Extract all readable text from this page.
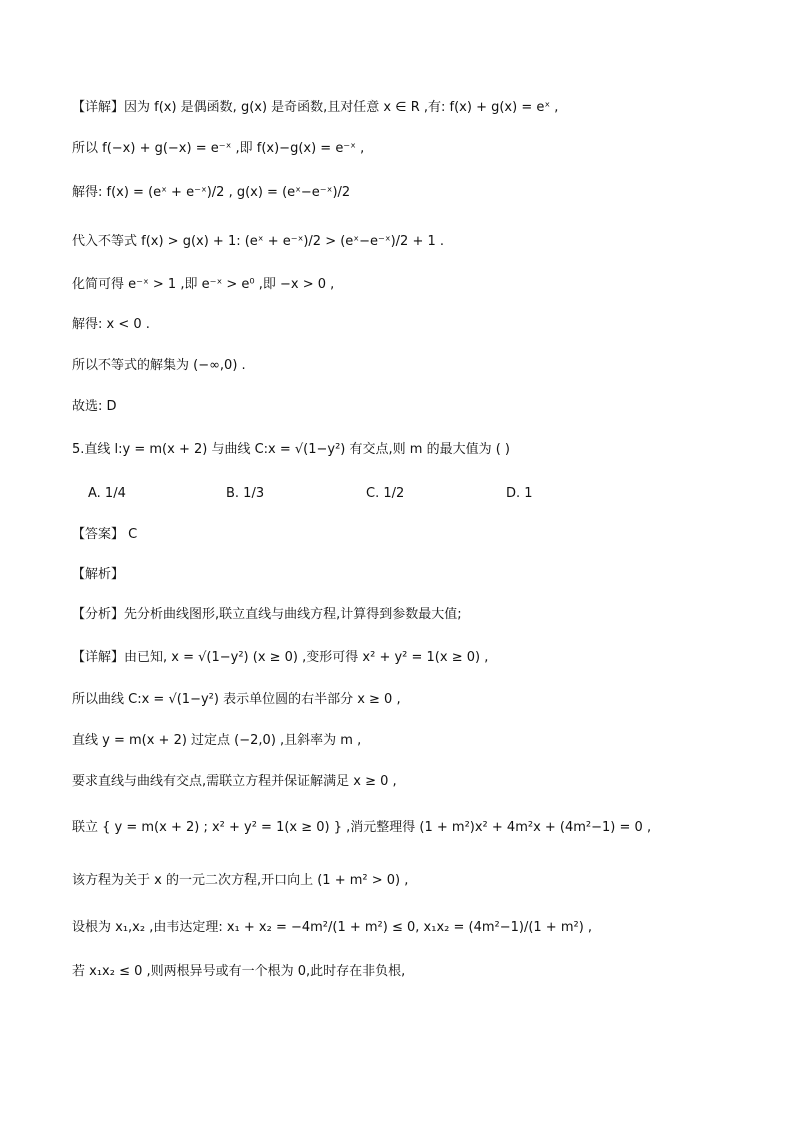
【详解】因为 f(x) 是偶函数, g(x) 是奇函数,且对任意 x ∈ R ,有: f(x) + g(x) = eˣ ,
所以 f(−x) + g(−x) = e⁻ˣ ,即 f(x)−g(x) = e⁻ˣ ,
解得: f(x) = (eˣ + e⁻ˣ)/2 , g(x) = (eˣ−e⁻ˣ)/2
代入不等式 f(x) > g(x) + 1: (eˣ + e⁻ˣ)/2 > (eˣ−e⁻ˣ)/2 + 1 .
化简可得 e⁻ˣ > 1 ,即 e⁻ˣ > e⁰ ,即 −x > 0 ,
解得: x < 0 .
所以不等式的解集为 (−∞,0) .
故选: D
5.直线 l:y = m(x + 2) 与曲线 C:x = √(1−y²) 有交点,则 m 的最大值为 ( )
A. 1/4	B. 1/3	C. 1/2	D. 1
【答案】 C
【解析】
【分析】先分析曲线图形,联立直线与曲线方程,计算得到参数最大值;
【详解】由已知, x = √(1−y²) (x ≥ 0) ,变形可得 x² + y² = 1(x ≥ 0) ,
所以曲线 C:x = √(1−y²) 表示单位圆的右半部分 x ≥ 0 ,
直线 y = m(x + 2) 过定点 (−2,0) ,且斜率为 m ,
要求直线与曲线有交点,需联立方程并保证解满足 x ≥ 0 ,
联立 { y = m(x + 2) ; x² + y² = 1(x ≥ 0) } ,消元整理得 (1 + m²)x² + 4m²x + (4m²−1) = 0 ,
该方程为关于 x 的一元二次方程,开口向上 (1 + m² > 0) ,
设根为 x₁,x₂ ,由韦达定理: x₁ + x₂ = −4m²/(1 + m²) ≤ 0, x₁x₂ = (4m²−1)/(1 + m²) ,
若 x₁x₂ ≤ 0 ,则两根异号或有一个根为 0,此时存在非负根,
